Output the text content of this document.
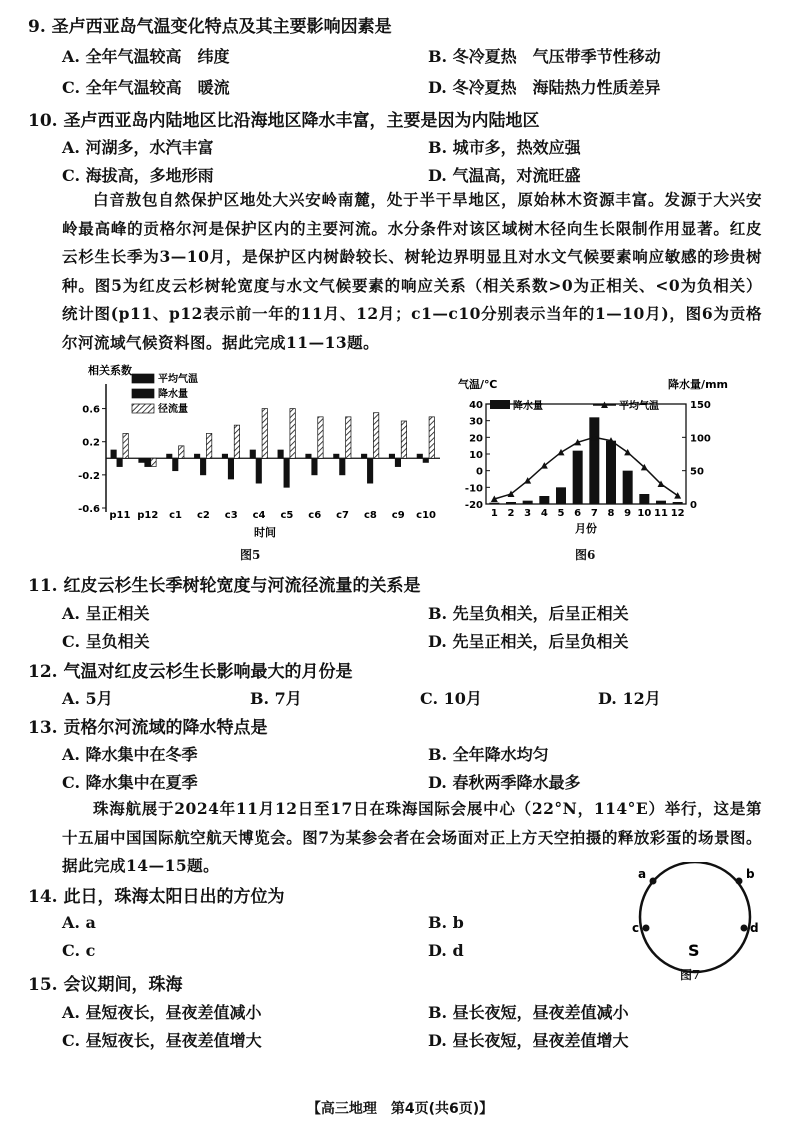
9. 圣卢西亚岛气温变化特点及其主要影响因素是
A. 全年气温较高　纬度	B. 冬冷夏热　气压带季节性移动
C. 全年气温较高　暖流	D. 冬冷夏热　海陆热力性质差异
10. 圣卢西亚岛内陆地区比沿海地区降水丰富，主要是因为内陆地区
A. 河湖多，水汽丰富	B. 城市多，热效应强
C. 海拔高，多地形雨	D. 气温高，对流旺盛
白音敖包自然保护区地处大兴安岭南麓，处于半干旱地区，原始林木资源丰富。发源于大兴安岭最高峰的贡格尔河是保护区内的主要河流。水分条件对该区域树木径向生长限制作用显著。红皮云杉生长季为3—10月，是保护区内树龄较长、树轮边界明显且对水文气候要素响应敏感的珍贵树种。图5为红皮云杉树轮宽度与水文气候要素的响应关系（相关系数>0为正相关、<0为负相关）统计图(p11、p12表示前一年的11月、12月；c1—c10分别表示当年的1—10月)，图6为贡格尔河流域气候资料图。据此完成11—13题。
相关系数
0.6
0.2
-0.2
-0.6
p11 p12 c1 c2 c3 c4 c5 c6 c7 c8 c9 c10
时间
平均气温
降水量
径流量
图5
气温/℃	降水量/mm
40
30
20
10
0
-10
-20
150
100
50
0
1 2 3 4 5 6 7 8 9 10 11 12
月份
降水量	平均气温
图6
11. 红皮云杉生长季树轮宽度与河流径流量的关系是
A. 呈正相关	B. 先呈负相关，后呈正相关
C. 呈负相关	D. 先呈正相关，后呈负相关
12. 气温对红皮云杉生长影响最大的月份是
A. 5月	B. 7月	C. 10月	D. 12月
13. 贡格尔河流域的降水特点是
A. 降水集中在冬季	B. 全年降水均匀
C. 降水集中在夏季	D. 春秋两季降水最多
珠海航展于2024年11月12日至17日在珠海国际会展中心（22°N，114°E）举行，这是第十五届中国国际航空航天博览会。图7为某参会者在会场面对正上方天空拍摄的释放彩蛋的场景图。据此完成14—15题。
14. 此日，珠海太阳日出的方位为
A. a	B. b
C. c	D. d
a	b
c	d
S
图7
15. 会议期间，珠海
A. 昼短夜长，昼夜差值减小	B. 昼长夜短，昼夜差值减小
C. 昼短夜长，昼夜差值增大	D. 昼长夜短，昼夜差值增大
【高三地理　第4页(共6页)】
